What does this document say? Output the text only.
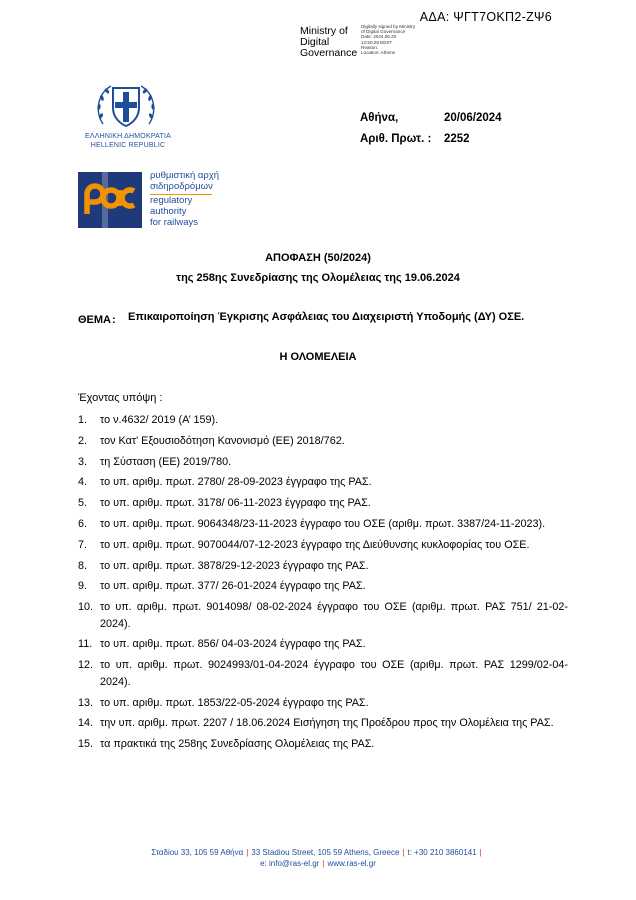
ΑΔΑ: ΨΓΤ7ΟΚΠ2-ΖΨ6
Ministry of
Digital
Governance
Digitally signed by Ministry
of Digital Governance
Date: 2024.06.20
12:50:28 EEST
Reason:
Location: Athens
ΕΛΛΗΝΙΚΗ ΔΗΜΟΚΡΑΤΙΑ
HELLENIC REPUBLIC
Αθήνα,	20/06/2024
Αριθ. Πρωτ. : 2252
ρυθμιστική αρχή
σιδηροδρόμων
regulatory
authority
for railways
ΑΠΟΦΑΣΗ (50/2024)
της 258ης Συνεδρίασης της Ολομέλειας της 19.06.2024
ΘΕΜΑ : Επικαιροποίηση Έγκρισης Ασφάλειας του Διαχειριστή Υποδομής (ΔΥ) ΟΣΕ.
Η ΟΛΟΜΕΛΕΙΑ
Έχοντας υπόψη :
1. το ν.4632/ 2019 (Α’ 159).
2. τον Κατ' Εξουσιοδότηση Κανονισμό (ΕΕ) 2018/762.
3. τη Σύσταση (ΕΕ) 2019/780.
4. το υπ. αριθμ. πρωτ. 2780/ 28-09-2023 έγγραφο της ΡΑΣ.
5. το υπ. αριθμ. πρωτ. 3178/ 06-11-2023 έγγραφο της ΡΑΣ.
6. το υπ. αριθμ. πρωτ. 9064348/23-11-2023 έγγραφο του ΟΣΕ (αριθμ. πρωτ. 3387/24-11-2023).
7. το υπ. αριθμ. πρωτ. 9070044/07-12-2023 έγγραφο της Διεύθυνσης κυκλοφορίας του ΟΣΕ.
8. το υπ. αριθμ. πρωτ. 3878/29-12-2023 έγγραφο της ΡΑΣ.
9. το υπ. αριθμ. πρωτ. 377/ 26-01-2024 έγγραφο της ΡΑΣ.
10. το υπ. αριθμ. πρωτ. 9014098/ 08-02-2024 έγγραφο του ΟΣΕ (αριθμ. πρωτ. ΡΑΣ 751/ 21-02-2024).
11. το υπ. αριθμ. πρωτ. 856/ 04-03-2024 έγγραφο της ΡΑΣ.
12. το υπ. αριθμ. πρωτ. 9024993/01-04-2024 έγγραφο του ΟΣΕ (αριθμ. πρωτ. ΡΑΣ 1299/02-04-2024).
13. το υπ. αριθμ. πρωτ. 1853/22-05-2024 έγγραφο της ΡΑΣ.
14. την υπ. αριθμ. πρωτ. 2207 / 18.06.2024 Εισήγηση της Προέδρου προς την Ολομέλεια της ΡΑΣ.
15. τα πρακτικά της 258ης Συνεδρίασης Ολομέλειας της ΡΑΣ.
Σταδίου 33, 105 59 Αθήνα | 33 Stadiou Street, 105 59 Athens, Greece | t: +30 210 3860141 |
e: info@ras-el.gr | www.ras-el.gr
